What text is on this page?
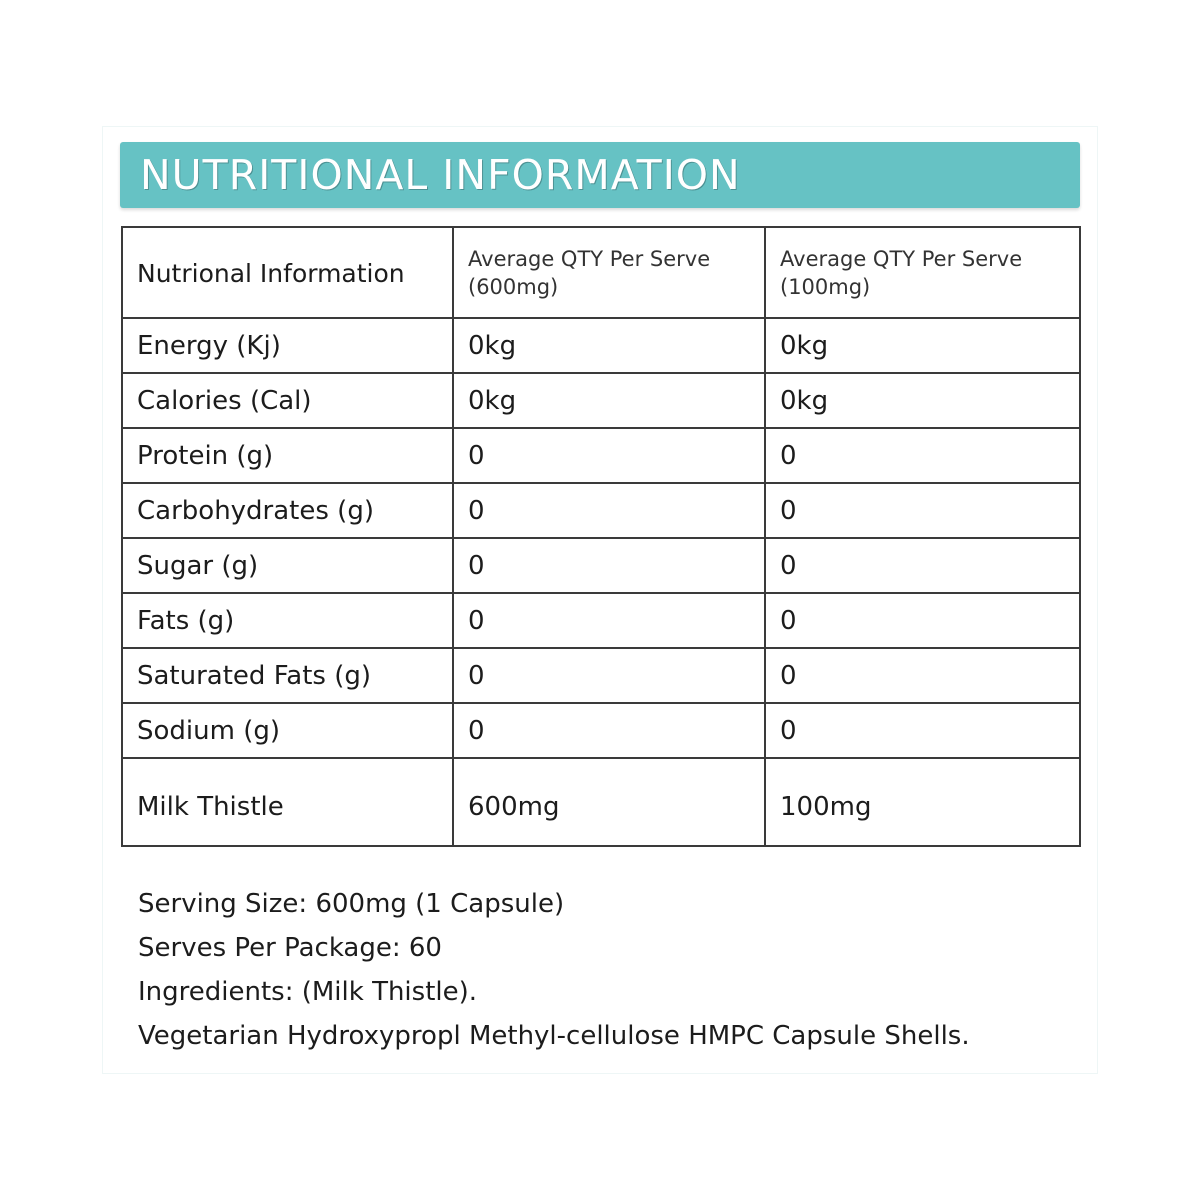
NUTRITIONAL INFORMATION
Nutrional Information	Average QTY Per Serve (600mg)	Average QTY Per Serve (100mg)
Energy (Kj)	0kg	0kg
Calories (Cal)	0kg	0kg
Protein (g)	0	0
Carbohydrates (g)	0	0
Sugar (g)	0	0
Fats (g)	0	0
Saturated Fats (g)	0	0
Sodium (g)	0	0
Milk Thistle	600mg	100mg
Serving Size: 600mg (1 Capsule)
Serves Per Package: 60
Ingredients: (Milk Thistle).
Vegetarian Hydroxypropl Methyl-cellulose HMPC Capsule Shells.
